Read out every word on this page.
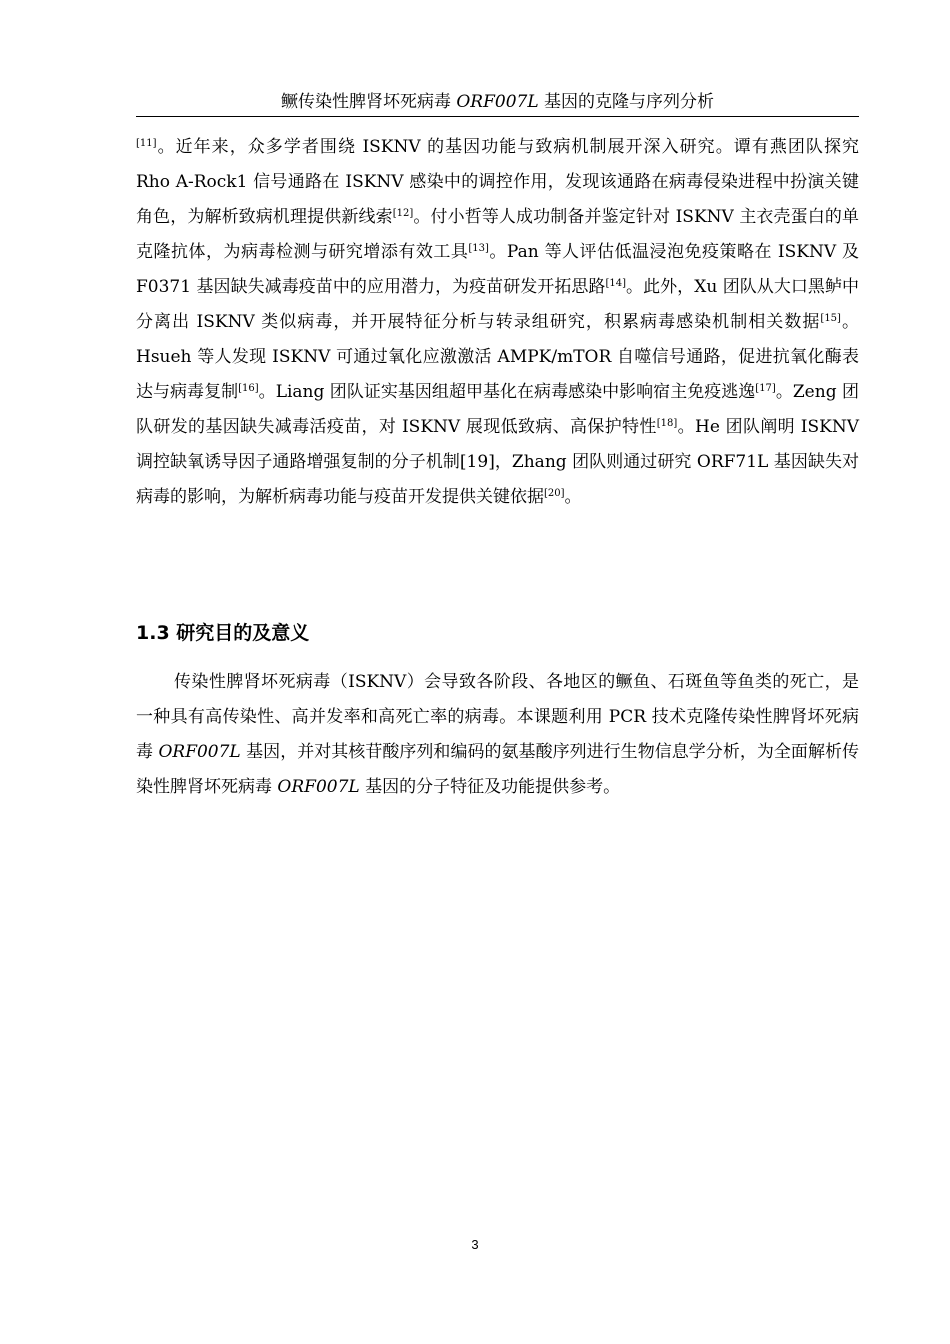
鳜传染性脾肾坏死病毒 ORF007L 基因的克隆与序列分析

[11]。近年来，众多学者围绕 ISKNV 的基因功能与致病机制展开深入研究。谭有燕团队探究 Rho A-Rock1 信号通路在 ISKNV 感染中的调控作用，发现该通路在病毒侵染进程中扮演关键角色，为解析致病机理提供新线索[12]。付小哲等人成功制备并鉴定针对 ISKNV 主衣壳蛋白的单克隆抗体，为病毒检测与研究增添有效工具[13]。Pan 等人评估低温浸泡免疫策略在 ISKNV 及 F0371 基因缺失减毒疫苗中的应用潜力，为疫苗研发开拓思路[14]。此外，Xu 团队从大口黑鲈中分离出 ISKNV 类似病毒，并开展特征分析与转录组研究，积累病毒感染机制相关数据[15]。Hsueh 等人发现 ISKNV 可通过氧化应激激活 AMPK/mTOR 自噬信号通路，促进抗氧化酶表达与病毒复制[16]。Liang 团队证实基因组超甲基化在病毒感染中影响宿主免疫逃逸[17]。Zeng 团队研发的基因缺失减毒活疫苗，对 ISKNV 展现低致病、高保护特性[18]。He 团队阐明 ISKNV 调控缺氧诱导因子通路增强复制的分子机制[19]，Zhang 团队则通过研究 ORF71L 基因缺失对病毒的影响，为解析病毒功能与疫苗开发提供关键依据[20]。

1.3 研究目的及意义

传染性脾肾坏死病毒（ISKNV）会导致各阶段、各地区的鳜鱼、石斑鱼等鱼类的死亡，是一种具有高传染性、高并发率和高死亡率的病毒。本课题利用 PCR 技术克隆传染性脾肾坏死病毒 ORF007L 基因，并对其核苷酸序列和编码的氨基酸序列进行生物信息学分析，为全面解析传染性脾肾坏死病毒 ORF007L 基因的分子特征及功能提供参考。

3
